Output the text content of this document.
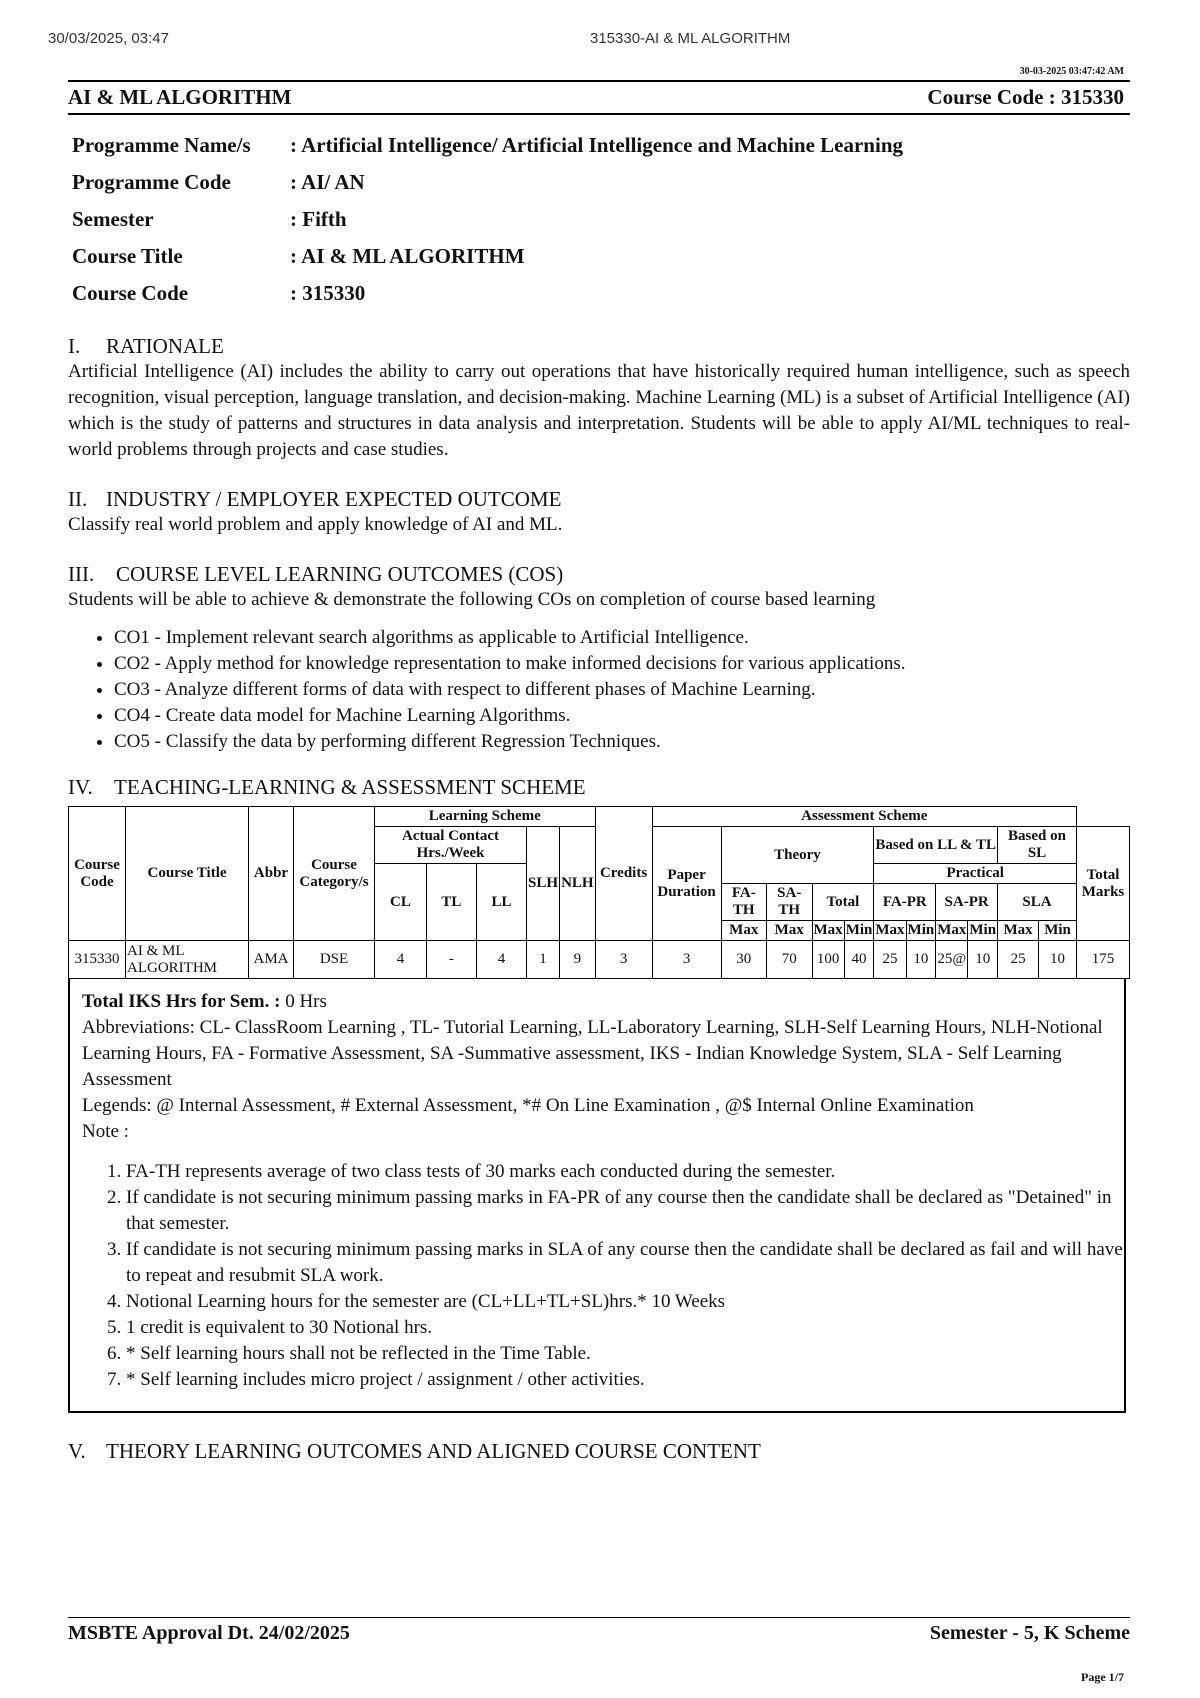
30/03/2025, 03:47	315330-AI & ML ALGORITHM
30-03-2025 03:47:42 AM
AI & ML ALGORITHM	Course Code : 315330
Programme Name/s	: Artificial Intelligence/ Artificial Intelligence and Machine Learning
Programme Code	: AI/ AN
Semester	: Fifth
Course Title	: AI & ML ALGORITHM
Course Code	: 315330
I. RATIONALE
Artificial Intelligence (AI) includes the ability to carry out operations that have historically required human intelligence, such as speech recognition, visual perception, language translation, and decision-making. Machine Learning (ML) is a subset of Artificial Intelligence (AI) which is the study of patterns and structures in data analysis and interpretation. Students will be able to apply AI/ML techniques to real-world problems through projects and case studies.
II. INDUSTRY / EMPLOYER EXPECTED OUTCOME
Classify real world problem and apply knowledge of AI and ML.
III. COURSE LEVEL LEARNING OUTCOMES (COS)
Students will be able to achieve & demonstrate the following COs on completion of course based learning
• CO1 - Implement relevant search algorithms as applicable to Artificial Intelligence.
• CO2 - Apply method for knowledge representation to make informed decisions for various applications.
• CO3 - Analyze different forms of data with respect to different phases of Machine Learning.
• CO4 - Create data model for Machine Learning Algorithms.
• CO5 - Classify the data by performing different Regression Techniques.
IV. TEACHING-LEARNING & ASSESSMENT SCHEME
Course Code	Course Title	Abbr	Course Category/s	Learning Scheme					Credits	Assessment Scheme											
				Actual Contact Hrs./Week			SLH	NLH		Paper Duration	Theory				Based on LL & TL				Based on SL		Total Marks
				CL	TL	LL									Practical						
											FA-TH	SA-TH	Total		FA-PR		SA-PR		SLA		
											Max	Max	Max	Min	Max	Min	Max	Min	Max	Min	
315330	AI & ML ALGORITHM	AMA	DSE	4	-	4	1	9	3	3	30	70	100	40	25	10	25@	10	25	10	175
Total IKS Hrs for Sem. : 0 Hrs
Abbreviations: CL- ClassRoom Learning , TL- Tutorial Learning, LL-Laboratory Learning, SLH-Self Learning Hours, NLH-Notional Learning Hours, FA - Formative Assessment, SA -Summative assessment, IKS - Indian Knowledge System, SLA - Self Learning Assessment
Legends: @ Internal Assessment, # External Assessment, *# On Line Examination , @$ Internal Online Examination
Note :
1. FA-TH represents average of two class tests of 30 marks each conducted during the semester.
2. If candidate is not securing minimum passing marks in FA-PR of any course then the candidate shall be declared as "Detained" in that semester.
3. If candidate is not securing minimum passing marks in SLA of any course then the candidate shall be declared as fail and will have to repeat and resubmit SLA work.
4. Notional Learning hours for the semester are (CL+LL+TL+SL)hrs.* 10 Weeks
5. 1 credit is equivalent to 30 Notional hrs.
6. * Self learning hours shall not be reflected in the Time Table.
7. * Self learning includes micro project / assignment / other activities.
V. THEORY LEARNING OUTCOMES AND ALIGNED COURSE CONTENT
MSBTE Approval Dt. 24/02/2025	Semester - 5, K Scheme
Page 1/7
